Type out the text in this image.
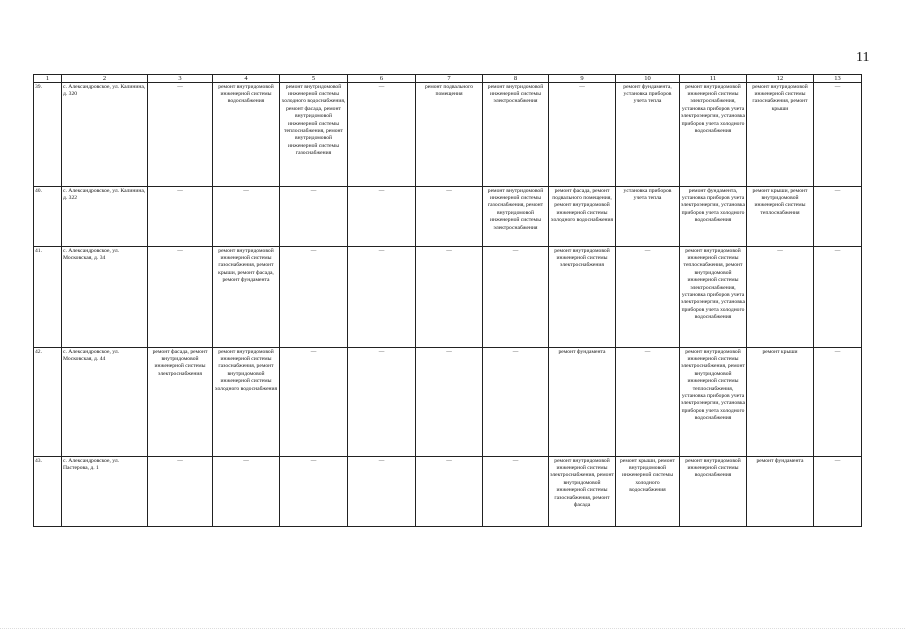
11
1	2	3	4	5	6	7	8	9	10	11	12	13
39.	с. Александровское, ул. Калинина, д. 320	—	ремонт внутридомовой инженерной системы водоснабжения	ремонт внутридомовой инженерной системы холодного водоснабжения, ремонт фасада, ремонт внутридомовой инженерной системы теплоснабжения, ремонт внутридомовой инженерной системы газоснабжения	—	ремонт подвального помещения	ремонт внутридомовой инженерной системы электроснабжения	—	ремонт фундамента, установка приборов учета тепла	ремонт внутридомовой инженерной системы электроснабжения, установка приборов учета электроэнергии, установка приборов учета холодного водоснабжения	ремонт внутридомовой инженерной системы газоснабжения, ремонт крыши	—
40.	с. Александровское, ул. Калинина, д. 322	—	—	—	—	—	ремонт внутридомовой инженерной системы газоснабжения, ремонт внутридомовой инженерной системы электроснабжения	ремонт фасада, ремонт подвального помещения, ремонт внутридомовой инженерной системы холодного водоснабжения	установка приборов учета тепла	ремонт фундамента, установка приборов учета электроэнергии, установка приборов учета холодного водоснабжения	ремонт крыши, ремонт внутридомовой инженерной системы теплоснабжения	—
41.	с. Александровское, ул. Московская, д. 34	—	ремонт внутридомовой инженерной системы газоснабжения, ремонт крыши, ремонт фасада, ремонт фундамента	—	—	—	—	ремонт внутридомовой инженерной системы электроснабжения	—	ремонт внутридомовой инженерной системы теплоснабжения, ремонт внутридомовой инженерной системы электроснабжения, установка приборов учета электроэнергии, установка приборов учета холодного водоснабжения	—	—
42.	с. Александровское, ул. Московская, д. 44	ремонт фасада, ремонт внутридомовой инженерной системы электроснабжения	ремонт внутридомовой инженерной системы газоснабжения, ремонт внутридомовой инженерной системы холодного водоснабжения	—	—	—	—	ремонт фундамента	—	ремонт внутридомовой инженерной системы электроснабжения, ремонт внутридомовой инженерной системы теплоснабжения, установка приборов учета электроэнергии, установка приборов учета холодного водоснабжения	ремонт крыши	—
43.	с. Александровское, ул. Пастерова, д. 1	—	—	—	—	—	—	ремонт внутридомовой инженерной системы электроснабжения, ремонт внутридомовой инженерной системы газоснабжения, ремонт фасада	ремонт крыши, ремонт внутридомовой инженерной системы холодного водоснабжения	ремонт внутридомовой инженерной системы водоснабжения	ремонт фундамента	—
